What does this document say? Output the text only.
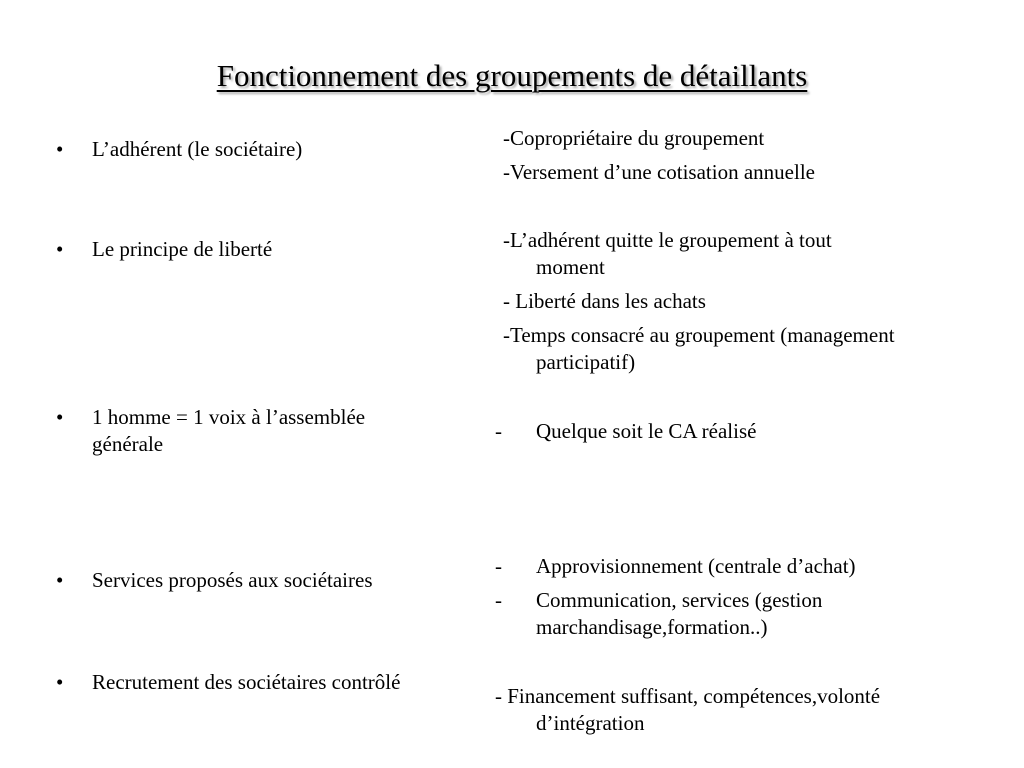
Fonctionnement des groupements de détaillants
• L’adhérent (le sociétaire)
• Le principe de liberté
• 1 homme = 1 voix à l’assemblée
générale
• Services proposés aux sociétaires
• Recrutement des sociétaires contrôlé
-Copropriétaire du groupement
-Versement d’une cotisation annuelle
-L’adhérent quitte le groupement à tout
moment
- Liberté dans les achats
-Temps consacré au groupement (management
participatif)
- Quelque soit le CA réalisé
- Approvisionnement (centrale d’achat)
- Communication, services (gestion
marchandisage,formation..)
- Financement suffisant, compétences,volonté
d’intégration
